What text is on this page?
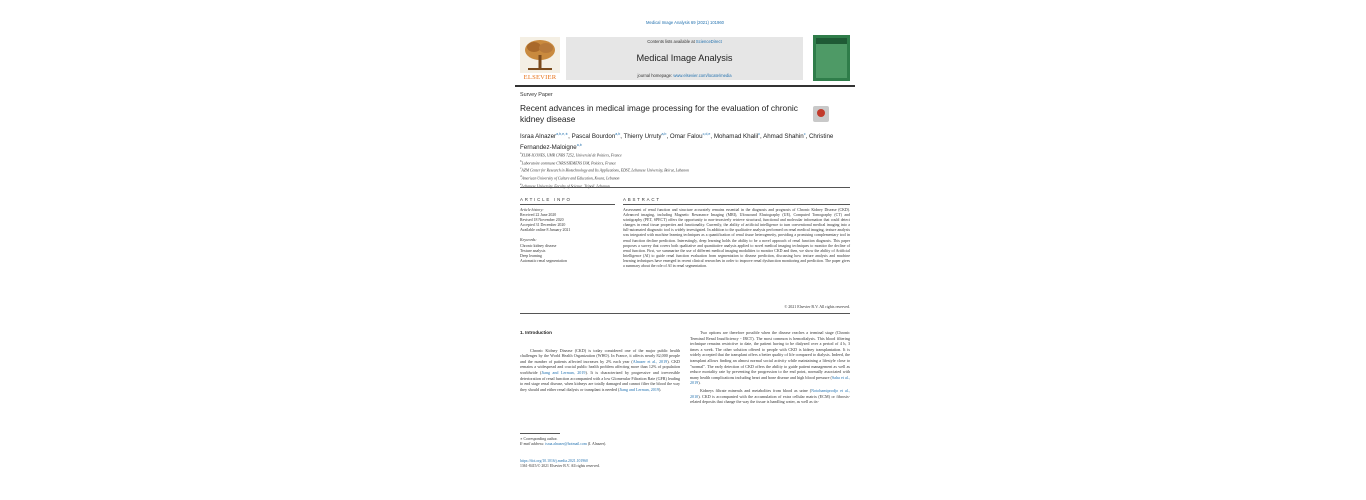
Medical Image Analysis 69 (2021) 101960
ELSEVIER
Contents lists available at ScienceDirect
Medical Image Analysis
journal homepage: www.elsevier.com/locate/media
Survey Paper
Recent advances in medical image processing for the evaluation of chronic kidney disease
Israa Alnazer$^{a,b,e,∗}$, Pascal Bourdon$^{a,b}$, Thierry Urruty$^{a,b}$, Omar Falou$^{c,d,e}$, Mohamad Khalil$^c$, Ahmad Shahin$^c$, Christine Fernandez-Maloigne$^{a,b}$
$^a$XLIM-ICONES, UMR CNRS 7252, Université de Poitiers, France
$^b$Laboratoire commune CNRS/SIEMENS I3M, Poitiers, France
$^c$AZM Center for Research in Biotechnology and Its Applications, EDST, Lebanese University, Beirut, Lebanon
$^d$American University of Culture and Education, Koura, Lebanon
$^e$Lebanese University, Faculty of Science, Tripoli, Lebanon
ARTICLE INFO
Article history:
Received 22 June 2020
Revised 18 November 2020
Accepted 31 December 2020
Available online 8 January 2021
Keywords:
Chronic kidney disease
Texture analysis
Deep learning
Automatic renal segmentation
ABSTRACT
Assessment of renal function and structure accurately remains essential in the diagnosis and prognosis of Chronic Kidney Disease (CKD). Advanced imaging, including Magnetic Resonance Imaging (MRI), Ultrasound Elastography (UE), Computed Tomography (CT) and scintigraphy (PET, SPECT) offers the opportunity to non-invasively retrieve structural, functional and molecular information that could detect changes in renal tissue properties and functionality. Currently, the ability of artificial intelligence to turn conventional medical imaging into a full-automated diagnostic tool is widely investigated. In addition to the qualitative analysis performed on renal medical imaging, texture analysis was integrated with machine learning techniques as a quantification of renal tissue heterogeneity, providing a promising complementary tool in renal function decline prediction. Interestingly, deep learning holds the ability to be a novel approach of renal function diagnosis. This paper proposes a survey that covers both qualitative and quantitative analysis applied to novel medical imaging techniques to monitor the decline of renal function. First, we summarize the use of different medical imaging modalities to monitor CKD and then, we show the ability of Artificial Intelligence (AI) to guide renal function evaluation from segmentation to disease prediction, discussing how texture analysis and machine learning techniques have emerged in recent clinical researches in order to improve renal dysfunction monitoring and prediction. The paper gives a summary about the role of AI in renal segmentation.
© 2021 Elsevier B.V. All rights reserved.
1. Introduction

Chronic Kidney Disease (CKD) is today considered one of the major public health challenges by the World Health Organization (WHO). In France, it affects nearly 82,000 people and the number of patients affected increases by 2% each year (Alnazer et al., 2019). CKD remains a widespread and crucial public health problem affecting more than 12% of population worldwide (Jiang and Lerman, 2019). It is characterized by progressive and irreversible deterioration of renal function accompanied with a low Glomerular Filtration Rate (GFR) leading to end stage renal disease, when kidneys are totally damaged and cannot filter the blood the way they should and either renal dialysis or transplant is needed (Jiang and Lerman, 2019).

Two options are therefore possible when the disease reaches a terminal stage (Chronic Terminal Renal Insufficiency - IRCT). The most common is hemodialysis. This blood filtering technique remains restrictive to date, the patient having to be dialyzed over a period of 4 h, 3 times a week. The other solution offered to people with CKD is kidney transplantation. It is widely accepted that the transplant offers a better quality of life compared to dialysis. Indeed, the transplant allows finding an almost normal social activity while maintaining a lifestyle close to "normal". The early detection of CKD offers the ability to guide patient management as well as reduce mortality rate by preventing the progression to the end point, normally associated with many health complications including heart and bone disease and high blood pressure (Saha et al., 2019).

Kidneys filtrate minerals and metabolites from blood as urine (Notohamiprodjo et al., 2010). CKD is accompanied with the accumulation of extra cellular matrix (ECM) or fibrosis-related deposits that change the way the tissue is handling water, as well as tis-

∗ Corresponding author.
E-mail address: israa.alnazer@hotmail.com (I. Alnazer).
https://doi.org/10.1016/j.media.2021.101960
1361-8415/© 2021 Elsevier B.V. All rights reserved.
